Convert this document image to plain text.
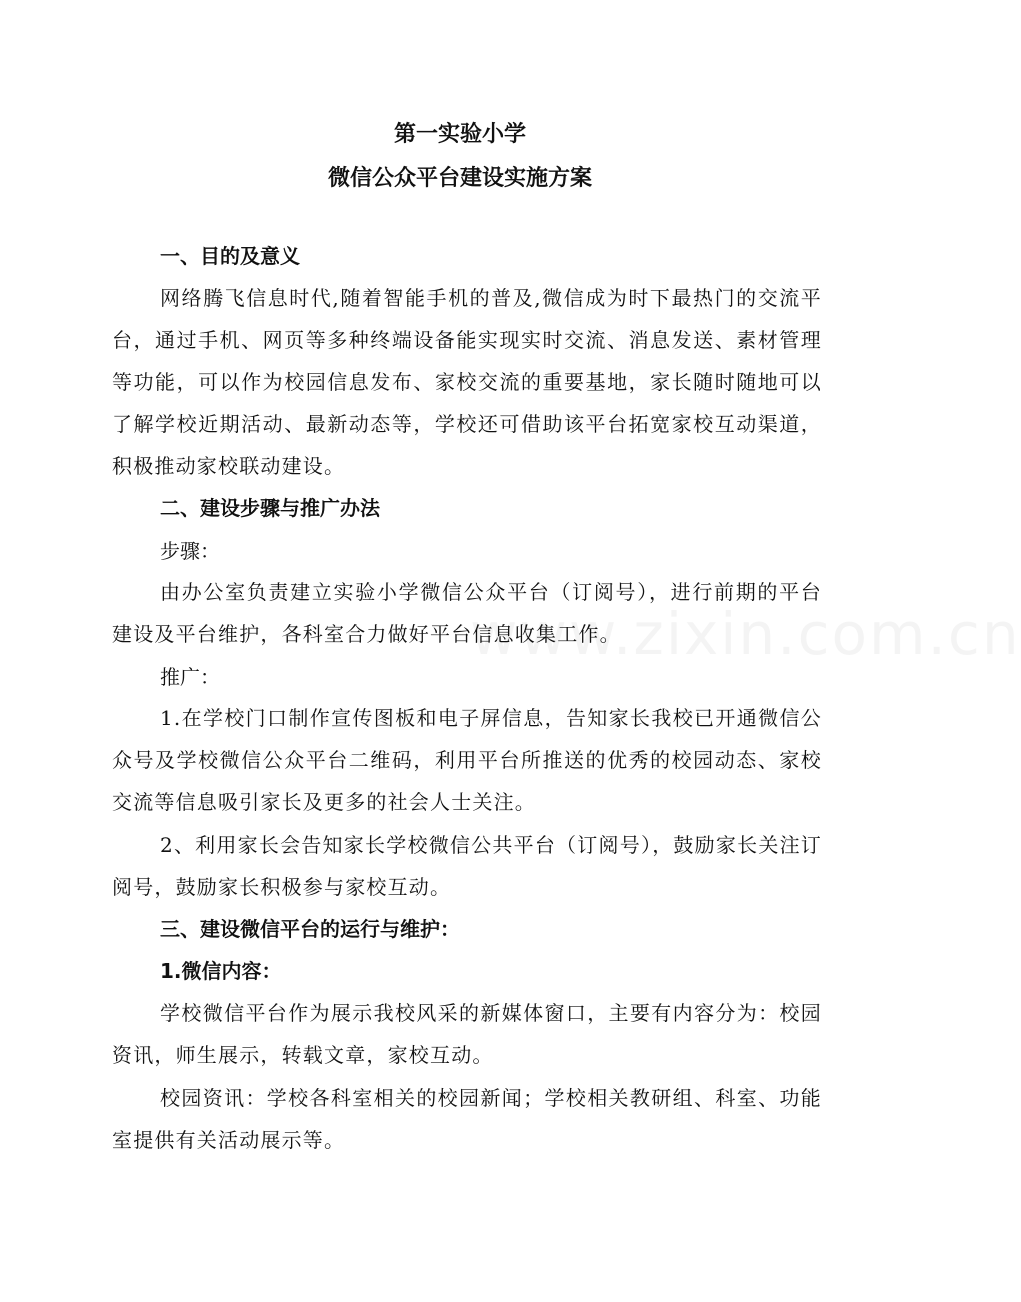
www.zixin.com.cn
第一实验小学
微信公众平台建设实施方案
一、目的及意义
网络腾飞信息时代,随着智能手机的普及,微信成为时下最热门的交流平台，通过手机、网页等多种终端设备能实现实时交流、消息发送、素材管理等功能，可以作为校园信息发布、家校交流的重要基地，家长随时随地可以了解学校近期活动、最新动态等，学校还可借助该平台拓宽家校互动渠道，积极推动家校联动建设。
二、建设步骤与推广办法
步骤：
由办公室负责建立实验小学微信公众平台（订阅号），进行前期的平台建设及平台维护，各科室合力做好平台信息收集工作。
推广：
1.在学校门口制作宣传图板和电子屏信息，告知家长我校已开通微信公众号及学校微信公众平台二维码，利用平台所推送的优秀的校园动态、家校交流等信息吸引家长及更多的社会人士关注。
2、利用家长会告知家长学校微信公共平台（订阅号），鼓励家长关注订阅号，鼓励家长积极参与家校互动。
三、建设微信平台的运行与维护：
1.微信内容：
学校微信平台作为展示我校风采的新媒体窗口，主要有内容分为：校园资讯，师生展示，转载文章，家校互动。
校园资讯：学校各科室相关的校园新闻；学校相关教研组、科室、功能室提供有关活动展示等。
